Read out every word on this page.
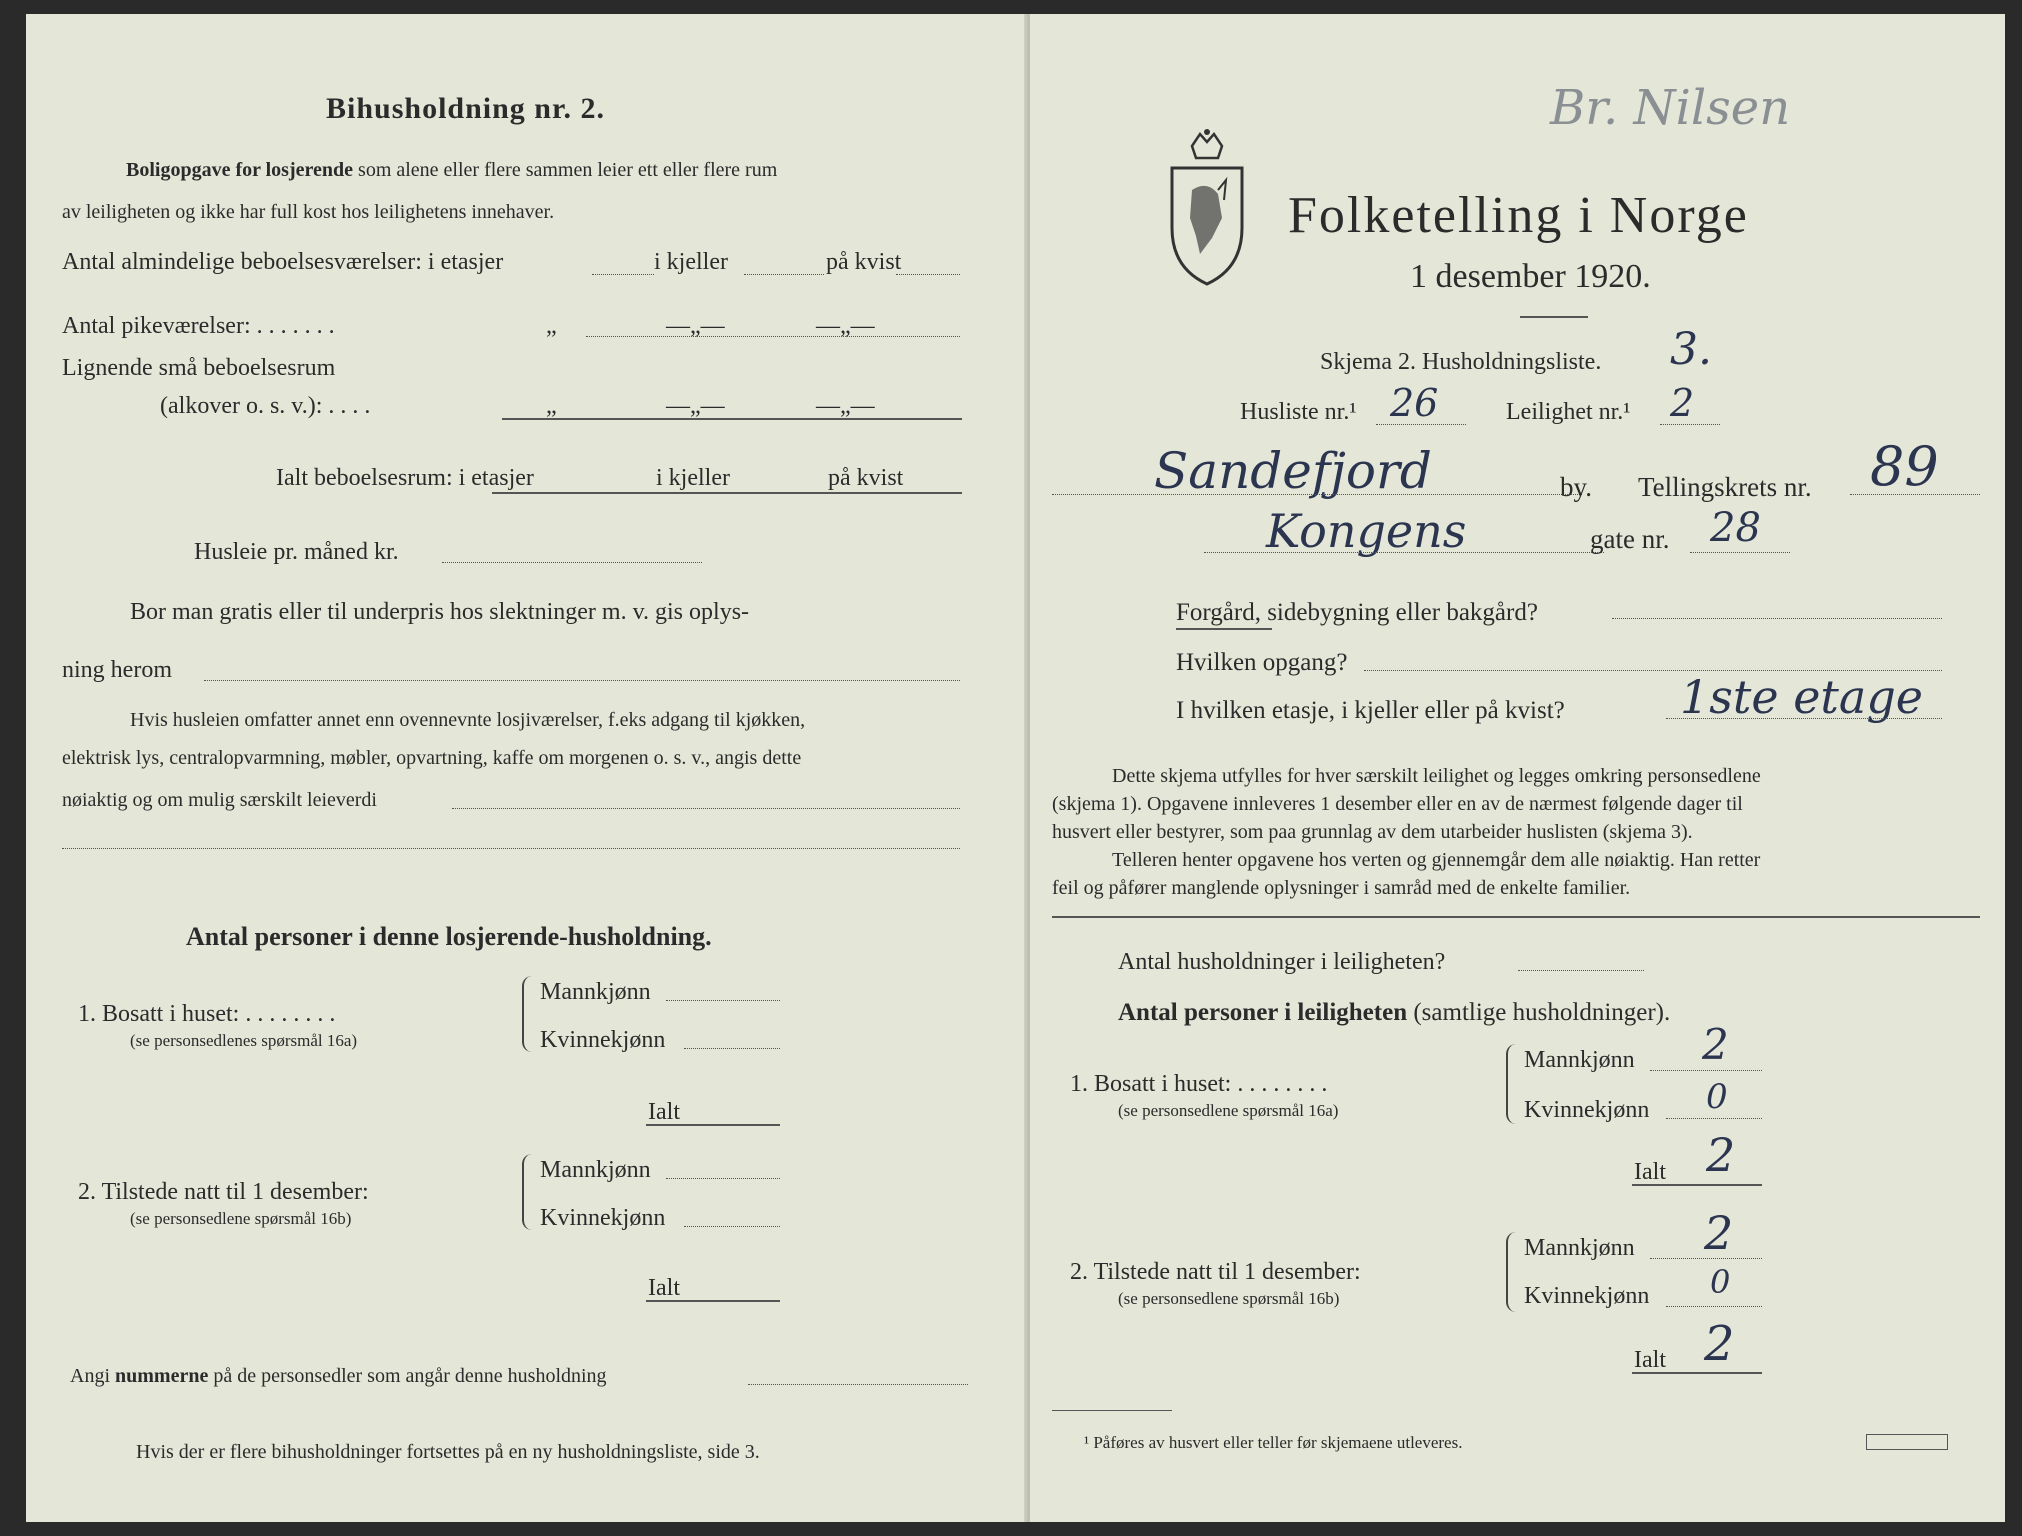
Bihusholdning nr. 2.
Boligopgave for losjerende som alene eller flere sammen leier ett eller flere rum
av leiligheten og ikke har full kost hos leilighetens innehaver.
Antal almindelige beboelsesværelser: i etasjer	i kjeller	på kvist
Antal pikeværelser: . . . . . . .	„	—„—	—„—
Lignende små beboelsesrum
(alkover o. s. v.): . . . .	„	—„—	—„—
Ialt beboelsesrum: i etasjer	i kjeller	på kvist
Husleie pr. måned kr.
Bor man gratis eller til underpris hos slektninger m. v. gis oplys-
ning herom
Hvis husleien omfatter annet enn ovennevnte losjiværelser, f.eks adgang til kjøkken,
elektrisk lys, centralopvarmning, møbler, opvartning, kaffe om morgenen o. s. v., angis dette
nøiaktig og om mulig særskilt leieverdi
Antal personer i denne losjerende-husholdning.
1. Bosatt i huset: . . . . . . . .
(se personsedlenes spørsmål 16a)
Mannkjønn
Kvinnekjønn
Ialt
2. Tilstede natt til 1 desember:
(se personsedlene spørsmål 16b)
Mannkjønn
Kvinnekjønn
Ialt
Angi nummerne på de personsedler som angår denne husholdning
Hvis der er flere bihusholdninger fortsettes på en ny husholdningsliste, side 3.
Br. Nilsen
Folketelling i Norge
1 desember 1920.
Skjema 2. Husholdningsliste. 3.
Husliste nr.¹ 26	Leilighet nr.¹ 2
Sandefjord	by. Tellingskrets nr. 89
Kongens	gate nr. 28
Forgård, sidebygning eller bakgård?
Hvilken opgang?
I hvilken etasje, i kjeller eller på kvist?	1ste etage
Dette skjema utfylles for hver særskilt leilighet og legges omkring personsedlene
(skjema 1). Opgavene innleveres 1 desember eller en av de nærmest følgende dager til
husvert eller bestyrer, som paa grunnlag av dem utarbeider huslisten (skjema 3).
Telleren henter opgavene hos verten og gjennemgår dem alle nøiaktig. Han retter
feil og påfører manglende oplysninger i samråd med de enkelte familier.
Antal husholdninger i leiligheten?
Antal personer i leiligheten (samtlige husholdninger).
1. Bosatt i huset: . . . . . . . .
(se personsedlene spørsmål 16a)
Mannkjønn 2
Kvinnekjønn 0
Ialt 2
2. Tilstede natt til 1 desember:
(se personsedlene spørsmål 16b)
Mannkjønn 2
Kvinnekjønn 0
Ialt 2
¹ Påføres av husvert eller teller før skjemaene utleveres.
